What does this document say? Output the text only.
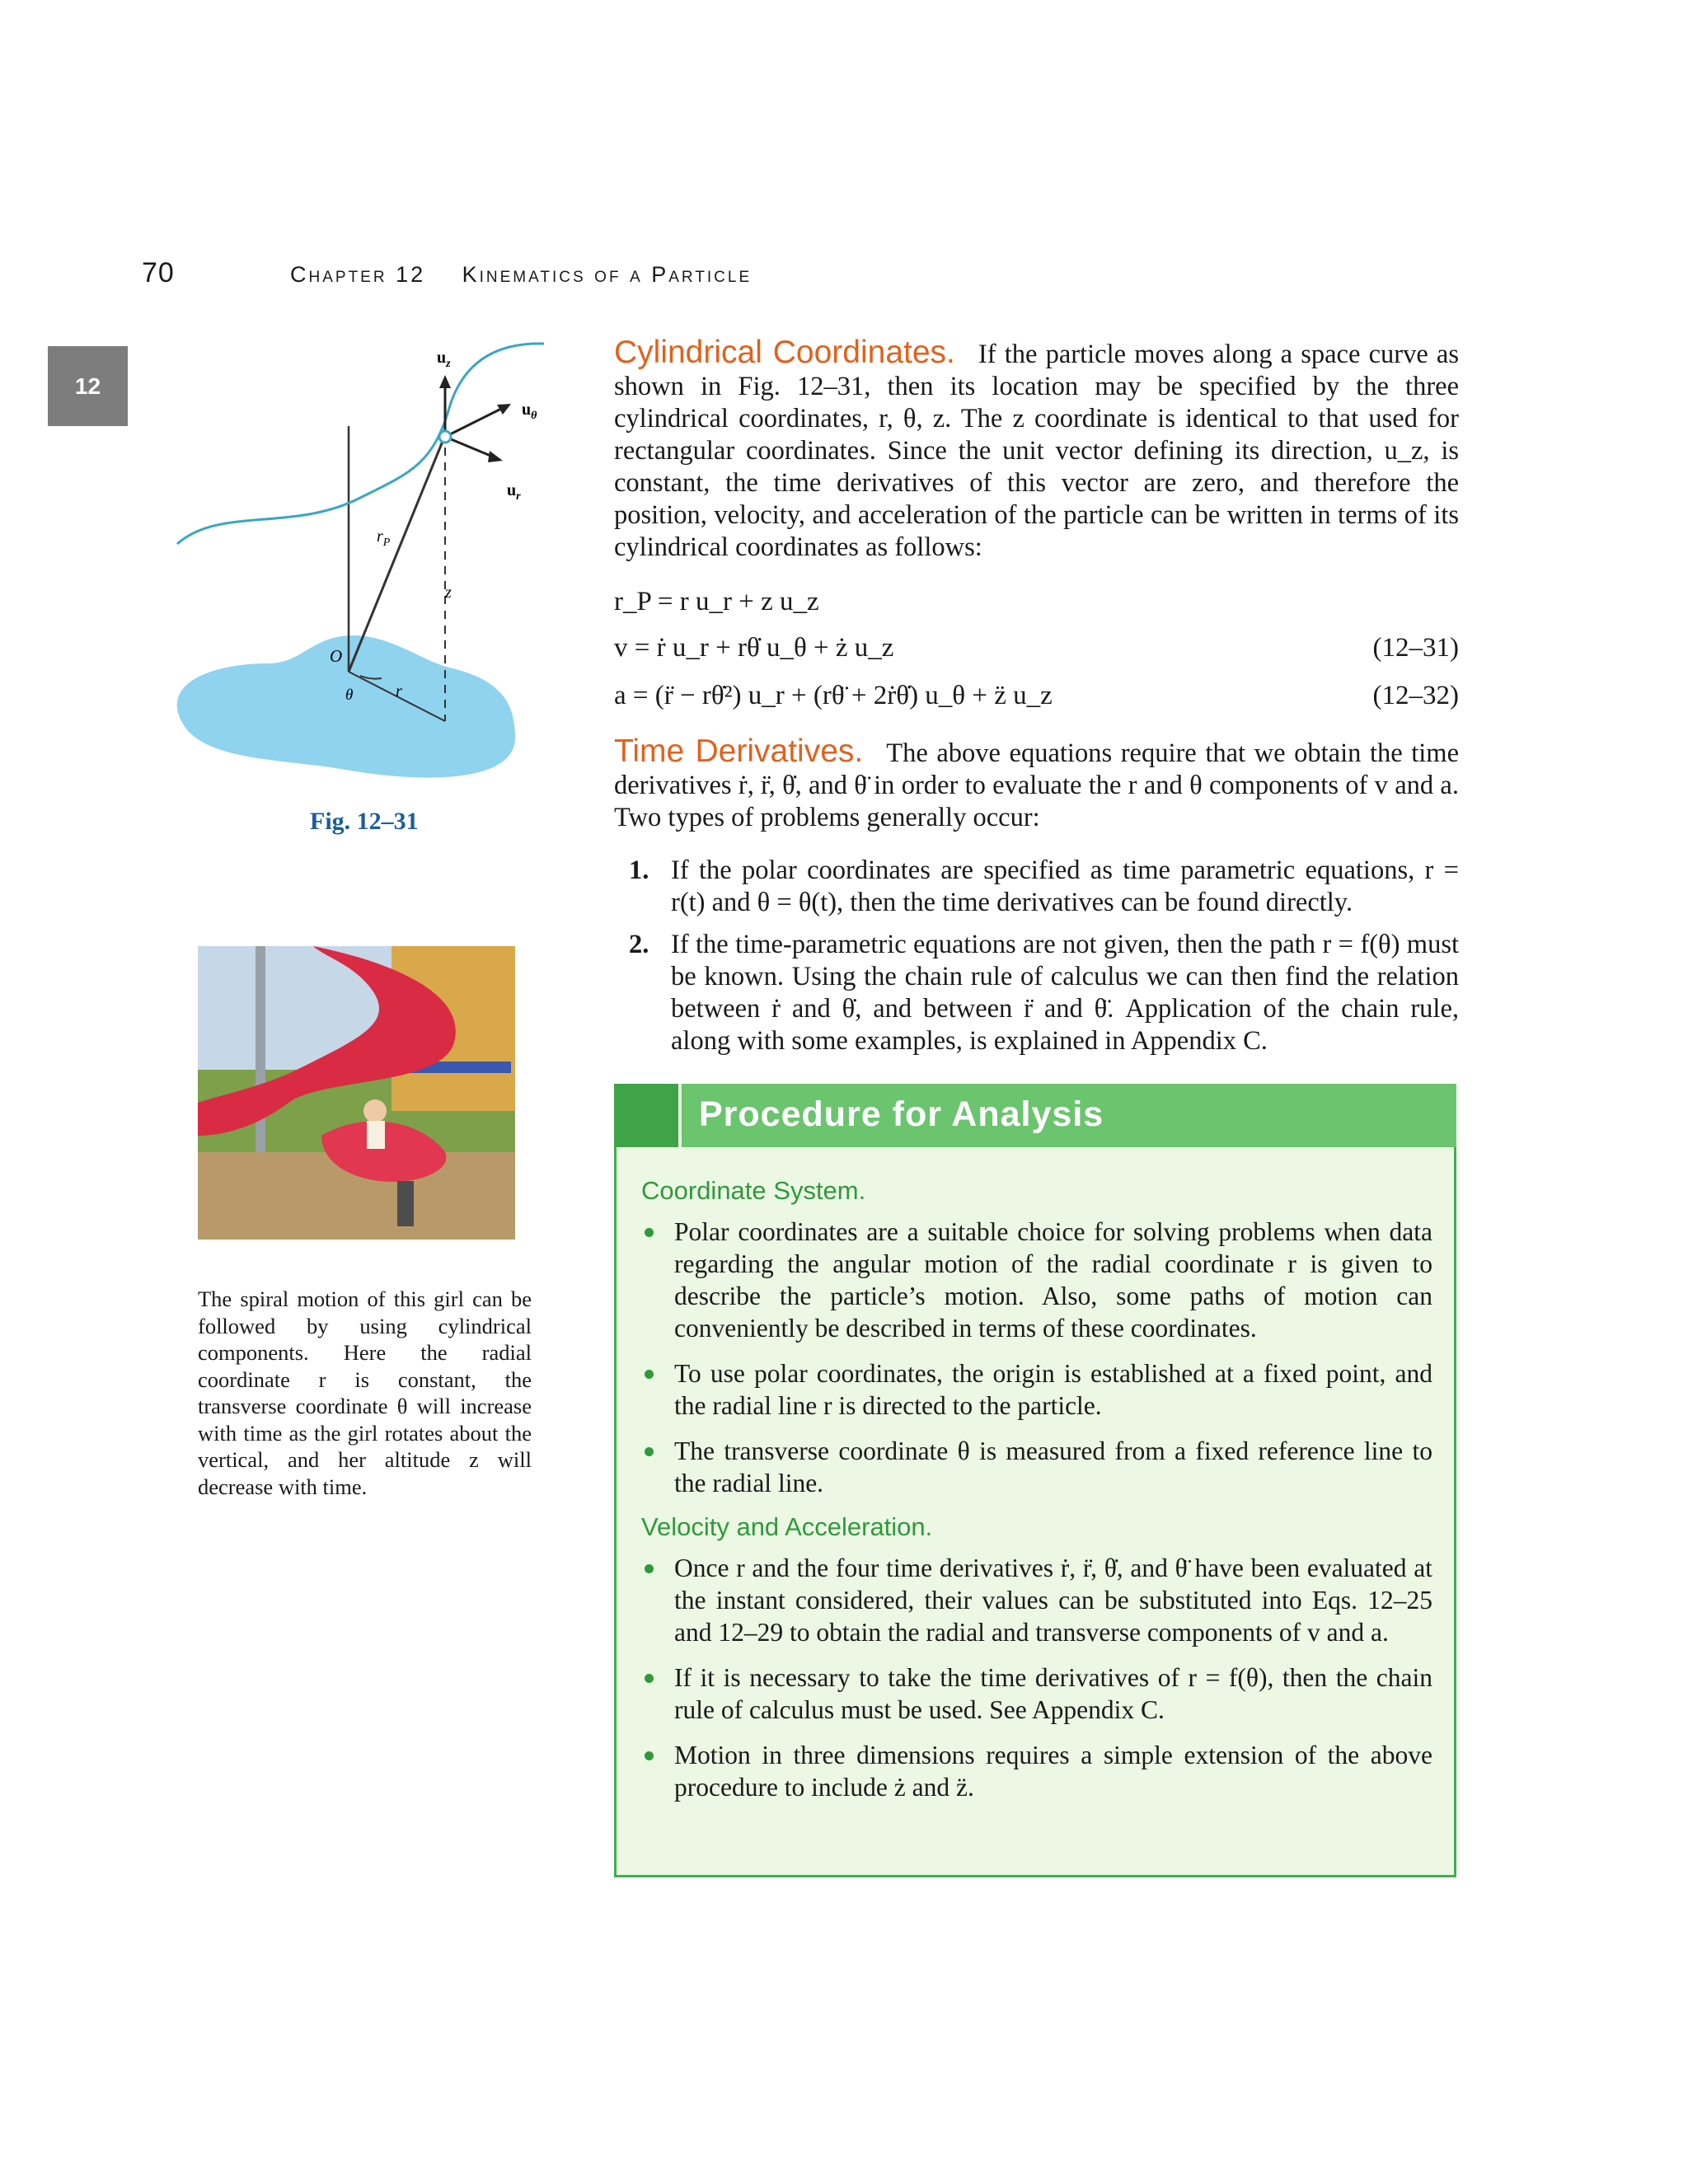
70	Chapter 12 Kinematics of a Particle
12
$u_z$
$u_\theta$
$u_r$
$r_P$
z
O
θ	r
Fig. 12–31
The spiral motion of this girl can be followed by using cylindrical components. Here the radial coordinate r is constant, the transverse coordinate θ will increase with time as the girl rotates about the vertical, and her altitude z will decrease with time.

Cylindrical Coordinates. If the particle moves along a space curve as shown in Fig. 12–31, then its location may be specified by the three cylindrical coordinates, r, θ, z. The z coordinate is identical to that used for rectangular coordinates. Since the unit vector defining its direction, u_z, is constant, the time derivatives of this vector are zero, and therefore the position, velocity, and acceleration of the particle can be written in terms of its cylindrical coordinates as follows:

r_P = r u_r + z u_z
v = ṙ u_r + rθ̇ u_θ + ż u_z	(12–31)
a = (r̈ − rθ̇²) u_r + (rθ̈ + 2ṙθ̇) u_θ + z̈ u_z	(12–32)

Time Derivatives. The above equations require that we obtain the time derivatives ṙ, r̈, θ̇, and θ̈ in order to evaluate the r and θ components of v and a. Two types of problems generally occur:

1. If the polar coordinates are specified as time parametric equations, r = r(t) and θ = θ(t), then the time derivatives can be found directly.
2. If the time-parametric equations are not given, then the path r = f(θ) must be known. Using the chain rule of calculus we can then find the relation between ṙ and θ̇, and between r̈ and θ̈. Application of the chain rule, along with some examples, is explained in Appendix C.
Procedure for Analysis
Coordinate System.
Polar coordinates are a suitable choice for solving problems when data regarding the angular motion of the radial coordinate r is given to describe the particle’s motion. Also, some paths of motion can conveniently be described in terms of these coordinates.
To use polar coordinates, the origin is established at a fixed point, and the radial line r is directed to the particle.
The transverse coordinate θ is measured from a fixed reference line to the radial line.
Velocity and Acceleration.
Once r and the four time derivatives ṙ, r̈, θ̇, and θ̈ have been evaluated at the instant considered, their values can be substituted into Eqs. 12–25 and 12–29 to obtain the radial and transverse components of v and a.
If it is necessary to take the time derivatives of r = f(θ), then the chain rule of calculus must be used. See Appendix C.
Motion in three dimensions requires a simple extension of the above procedure to include ż and z̈.
